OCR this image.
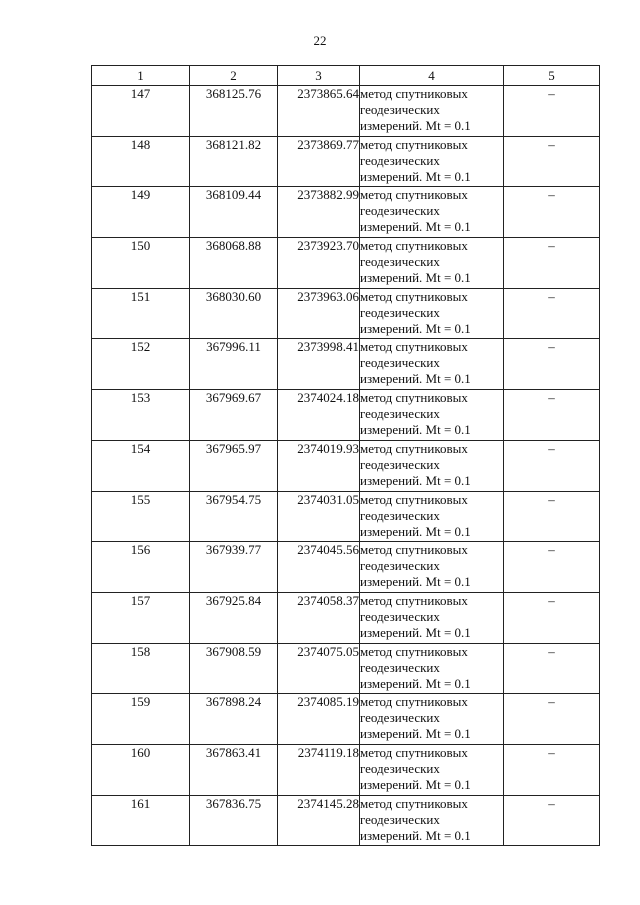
22
1	2	3	4	5
147	368125.76	2373865.64	метод спутниковых геодезических измерений. Mt = 0.1	–
148	368121.82	2373869.77	метод спутниковых геодезических измерений. Mt = 0.1	–
149	368109.44	2373882.99	метод спутниковых геодезических измерений. Mt = 0.1	–
150	368068.88	2373923.70	метод спутниковых геодезических измерений. Mt = 0.1	–
151	368030.60	2373963.06	метод спутниковых геодезических измерений. Mt = 0.1	–
152	367996.11	2373998.41	метод спутниковых геодезических измерений. Mt = 0.1	–
153	367969.67	2374024.18	метод спутниковых геодезических измерений. Mt = 0.1	–
154	367965.97	2374019.93	метод спутниковых геодезических измерений. Mt = 0.1	–
155	367954.75	2374031.05	метод спутниковых геодезических измерений. Mt = 0.1	–
156	367939.77	2374045.56	метод спутниковых геодезических измерений. Mt = 0.1	–
157	367925.84	2374058.37	метод спутниковых геодезических измерений. Mt = 0.1	–
158	367908.59	2374075.05	метод спутниковых геодезических измерений. Mt = 0.1	–
159	367898.24	2374085.19	метод спутниковых геодезических измерений. Mt = 0.1	–
160	367863.41	2374119.18	метод спутниковых геодезических измерений. Mt = 0.1	–
161	367836.75	2374145.28	метод спутниковых геодезических измерений. Mt = 0.1	–
